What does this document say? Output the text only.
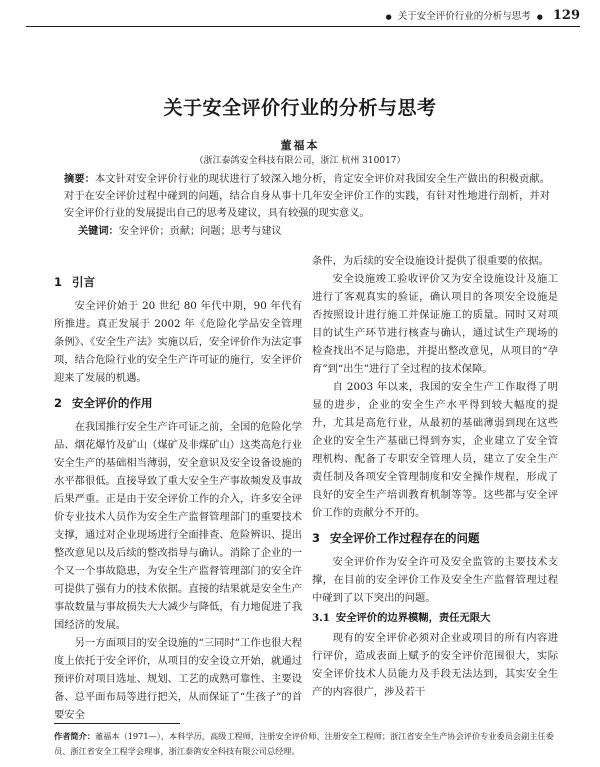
● 关于安全评价行业的分析与思考 ● 129
关于安全评价行业的分析与思考
董福本
（浙江泰鸽安全科技有限公司，浙江 杭州 310017）
摘要：本文针对安全评价行业的现状进行了较深入地分析，肯定安全评价对我国安全生产做出的积极贡献。对于在安全评价过程中碰到的问题，结合自身从事十几年安全评价工作的实践，有针对性地进行剖析，并对安全评价行业的发展提出自己的思考及建议，具有较强的现实意义。
关键词：安全评价；贡献；问题；思考与建议
1 引言

安全评价始于 20 世纪 80 年代中期，90 年代有所推进。真正发展于 2002 年《危险化学品安全管理条例》、《安全生产法》实施以后，安全评价作为法定事项，结合危险行业的安全生产许可证的施行，安全评价迎来了发展的机遇。

2 安全评价的作用

在我国推行安全生产许可证之前，全国的危险化学品、烟花爆竹及矿山（煤矿及非煤矿山）这类高危行业安全生产的基础相当薄弱，安全意识及安全设备设施的水平都很低。直接导致了重大安全生产事故频发及事故后果严重。正是由于安全评价工作的介入，许多安全评价专业技术人员作为安全生产监督管理部门的重要技术支撑，通过对企业现场进行全面排查、危险辨识、提出整改意见以及后续的整改指导与确认。消除了企业的一个又一个事故隐患，为安全生产监督管理部门的安全许可提供了强有力的技术依据。直接的结果就是安全生产事故数量与事故损失大大减少与降低，有力地促进了我国经济的发展。

另一方面项目的安全设施的“三同时”工作也很大程度上依托于安全评价，从项目的安全设立开始，就通过预评价对项目选址、规划、工艺的成熟可靠性、主要设备、总平面布局等进行把关，从而保证了“生孩子”的首要安全

条件，为后续的安全设施设计提供了很重要的依据。

安全设施竣工验收评价又为安全设施设计及施工进行了客观真实的验证，确认项目的各项安全设施是否按照设计进行施工并保证施工的质量。同时又对项目的试生产环节进行核查与确认，通过试生产现场的检查找出不足与隐患，并提出整改意见，从项目的“孕育”到“出生”进行了全过程的技术保障。

自 2003 年以来，我国的安全生产工作取得了明显的进步，企业的安全生产水平得到较大幅度的提升，尤其是高危行业，从最初的基础薄弱到现在这些企业的安全生产基础已得到夯实，企业建立了安全管理机构、配备了专职安全管理人员，建立了安全生产责任制及各项安全管理制度和安全操作规程，形成了良好的安全生产培训教育机制等等。这些都与安全评价工作的贡献分不开的。

3 安全评价工作过程存在的问题

安全评价作为安全许可及安全监管的主要技术支撑，在目前的安全评价工作及安全生产监督管理过程中碰到了以下突出的问题。

3.1 安全评价的边界模糊，责任无限大

现有的安全评价必须对企业或项目的所有内容进行评价，造成表面上赋予的安全评价范围很大，实际安全评价技术人员能力及手段无法达到，其实安全生产的内容很广，涉及若干

作者简介：董福本（1971—），本科学历，高级工程师，注册安全评价师、注册安全工程师；浙江省安全生产协会评价专业委员会副主任委员、浙江省安全工程学会理事，浙江泰鸽安全科技有限公司总经理。
